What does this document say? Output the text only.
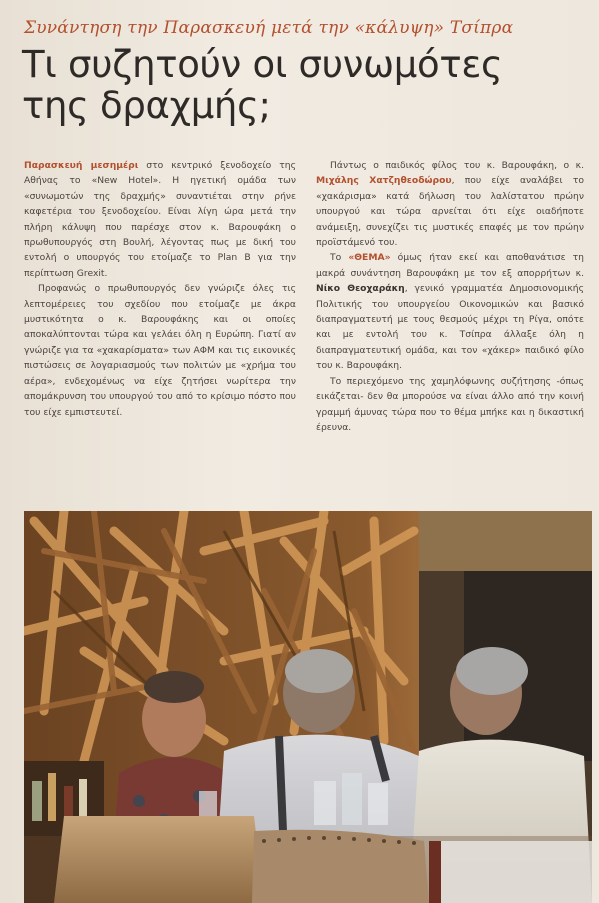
Συνάντηση την Παρασκευή μετά την «κάλυψη» Τσίπρα
Τι συζητούν οι συνωμότες
της δραχμής;

Παρασκευή μεσημέρι στο κεντρικό ξενοδοχείο της Αθήνας το «New Hotel». Η ηγετική ομάδα των «συνωμοτών της δραχμής» συναντιέται στην ρήνε καφετέρια του ξενοδοχείου. Είναι λίγη ώρα μετά την πλήρη κάλυψη που παρέσχε στον κ. Βαρουφάκη ο πρωθυπουργός στη Βουλή, λέγοντας πως με δική του εντολή ο υπουργός του ετοίμαζε το Plan B για την περίπτωση Grexit.

Προφανώς ο πρωθυπουργός δεν γνώριζε όλες τις λεπτομέρειες του σχεδίου που ετοίμαζε με άκρα μυστικότητα ο κ. Βαρουφάκης και οι οποίες αποκαλύπτονται τώρα και γελάει όλη η Ευρώπη. Γιατί αν γνώριζε για τα «χακαρίσματα» των ΑΦΜ και τις εικονικές πιστώσεις σε λογαριασμούς των πολιτών με «χρήμα του αέρα», ενδεχομένως να είχε ζητήσει νωρίτερα την απομάκρυνση του υπουργού του από το κρίσιμο πόστο που του είχε εμπιστευτεί.

Πάντως ο παιδικός φίλος του κ. Βαρουφάκη, ο κ. Μιχάλης Χατζηθεοδώρου, που είχε αναλάβει το «χακάρισμα» κατά δήλωση του λαλίστατου πρώην υπουργού και τώρα αρνείται ότι είχε οιαδήποτε ανάμειξη, συνεχίζει τις μυστικές επαφές με τον πρώην προϊστάμενό του.

Το «ΘΕΜΑ» όμως ήταν εκεί και αποθανάτισε τη μακρά συνάντηση Βαρουφάκη με τον εξ απορρήτων κ. Νίκο Θεοχαράκη, γενικό γραμματέα Δημοσιονομικής Πολιτικής του υπουργείου Οικονομικών και βασικό διαπραγματευτή με τους θεσμούς μέχρι τη Ρίγα, οπότε και με εντολή του κ. Τσίπρα άλλαξε όλη η διαπραγματευτική ομάδα, και τον «χάκερ» παιδικό φίλο του κ. Βαρουφάκη.

Το περιεχόμενο της χαμηλόφωνης συζήτησης -όπως εικάζεται- δεν θα μπορούσε να είναι άλλο από την κοινή γραμμή άμυνας τώρα που το θέμα μπήκε και η δικαστική έρευνα.
